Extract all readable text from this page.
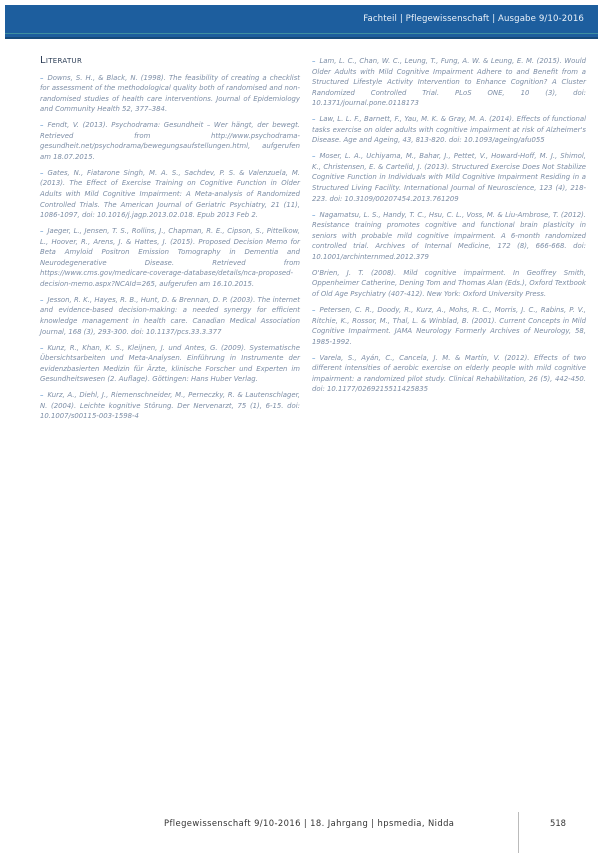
Fachteil | Pflegewissenschaft | Ausgabe 9/10-2016
Literatur

– Downs, S. H., & Black, N. (1998). The feasibility of creating a checklist for assessment of the methodological quality both of randomised and non-randomised studies of health care interventions. Journal of Epidemiology and Community Health 52, 377–384.

– Fendt, V. (2013). Psychodrama: Gesundheit – Wer hängt, der bewegt. Retrieved from http://www.psychodrama-gesundheit.net/psychodrama/bewegungsaufstellungen.html, aufgerufen am 18.07.2015.

– Gates, N., Fiatarone Singh, M. A. S., Sachdev, P. S. & Valenzuela, M. (2013). The Effect of Exercise Training on Cognitive Function in Older Adults with Mild Cognitive Impairment: A Meta-analysis of Randomized Controlled Trials. The American Journal of Geriatric Psychiatry, 21 (11), 1086-1097, doi: 10.1016/j.jagp.2013.02.018. Epub 2013 Feb 2.

– Jaeger, L., Jensen, T. S., Rollins, J., Chapman, R. E., Cipson, S., Pittelkow, L., Hoover, R., Arens, J. & Hattes, J. (2015). Proposed Decision Memo for Beta Amyloid Positron Emission Tomography in Dementia and Neurodegenerative Disease. Retrieved from https://www.cms.gov/medicare-coverage-database/details/nca-proposed-decision-memo.aspx?NCAId=265, aufgerufen am 16.10.2015.

– Jesson, R. K., Hayes, R. B., Hunt, D. & Brennan, D. P. (2003). The internet and evidence-based decision-making: a needed synergy for efficient knowledge management in health care. Canadian Medical Association Journal, 168 (3), 293-300. doi: 10.1137/pcs.33.3.377

– Kunz, R., Khan, K. S., Kleijnen, J. und Antes, G. (2009). Systematische Übersichtsarbeiten und Meta-Analysen. Einführung in Instrumente der evidenzbasierten Medizin für Ärzte, klinische Forscher und Experten im Gesundheitswesen (2. Auflage). Göttingen: Hans Huber Verlag.

– Kurz, A., Diehl, J., Riemenschneider, M., Perneczky, R. & Lautenschlager, N. (2004). Leichte kognitive Störung. Der Nervenarzt, 75 (1), 6-15. doi: 10.1007/s00115-003-1598-4

– Lam, L. C., Chan, W. C., Leung, T., Fung, A. W. & Leung, E. M. (2015). Would Older Adults with Mild Cognitive Impairment Adhere to and Benefit from a Structured Lifestyle Activity Intervention to Enhance Cognition? A Cluster Randomized Controlled Trial. PLoS ONE, 10 (3), doi: 10.1371/journal.pone.0118173

– Law, L. L. F., Barnett, F., Yau, M. K. & Gray, M. A. (2014). Effects of functional tasks exercise on older adults with cognitive impairment at risk of Alzheimer's Disease. Age and Ageing, 43, 813-820. doi: 10.1093/ageing/afu055

– Moser, L. A., Uchiyama, M., Bahar, J., Pettet, V., Howard-Hoff, M. J., Shimol, K., Christensen, E. & Cartelid, J. (2013). Structured Exercise Does Not Stabilize Cognitive Function in Individuals with Mild Cognitive Impairment Residing in a Structured Living Facility. International Journal of Neuroscience, 123 (4), 218-223. doi: 10.3109/00207454.2013.761209

– Nagamatsu, L. S., Handy, T. C., Hsu, C. L., Voss, M. & Liu-Ambrose, T. (2012). Resistance training promotes cognitive and functional brain plasticity in seniors with probable mild cognitive impairment. A 6-month randomized controlled trial. Archives of Internal Medicine, 172 (8), 666-668. doi: 10.1001/archinternmed.2012.379

O'Brien, J. T. (2008). Mild cognitive impairment. In Geoffrey Smith, Oppenheimer Catherine, Dening Tom and Thomas Alan (Eds.), Oxford Textbook of Old Age Psychiatry (407-412). New York: Oxford University Press.

– Petersen, C. R., Doody, R., Kurz, A., Mohs, R. C., Morris, J. C., Rabins, P. V., Ritchie, K., Rossor, M., Thal, L. & Winblad, B. (2001). Current Concepts in Mild Cognitive Impairment. JAMA Neurology Formerly Archives of Neurology, 58, 1985-1992.

– Varela, S., Ayán, C., Cancela, J. M. & Martín, V. (2012). Effects of two different intensities of aerobic exercise on elderly people with mild cognitive impairment: a randomized pilot study. Clinical Rehabilitation, 26 (5), 442-450. doi: 10.1177/0269215511425835

Pflegewissenschaft 9/10-2016 | 18. Jahrgang | hpsmedia, Nidda	518
